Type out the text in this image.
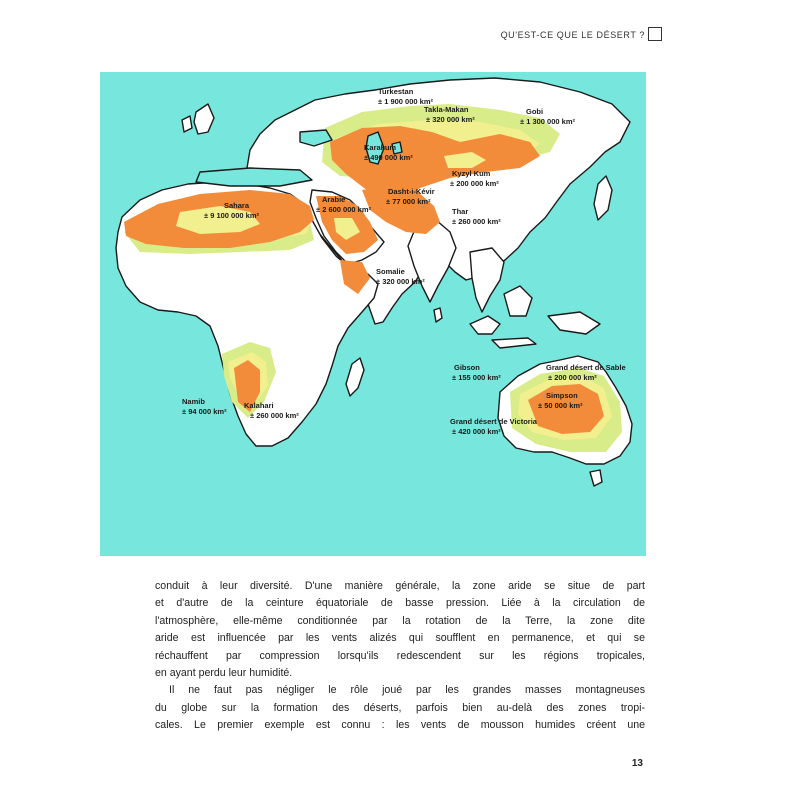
QU'EST-CE QUE LE DÉSERT ?
Turkestan
± 1 900 000 km²
Takla-Makan
± 320 000 km²
Gobi
± 1 300 000 km²
Karakum
± 490 000 km²
Kyzyl Kum
± 200 000 km²
Sahara
± 9 100 000 km²
Arabie
± 2 600 000 km²
Dasht-i-Kévir
± 77 000 km²
Thar
± 260 000 km²
Somalie
± 320 000 km²
Gibson
± 155 000 km²
Grand désert de Sable
± 200 000 km²
Simpson
± 50 000 km²
Grand désert de Victoria
± 420 000 km²
Namib
± 94 000 km²
Kalahari
± 260 000 km²
conduit à leur diversité. D'une manière générale, la zone aride se situe de part
et d'autre de la ceinture équatoriale de basse pression. Liée à la circulation de
l'atmosphère, elle-même conditionnée par la rotation de la Terre, la zone dite
aride est influencée par les vents alizés qui soufflent en permanence, et qui se
réchauffent par compression lorsqu'ils redescendent sur les régions tropicales,
en ayant perdu leur humidité.
Il ne faut pas négliger le rôle joué par les grandes masses montagneuses
du globe sur la formation des déserts, parfois bien au-delà des zones tropi-
cales. Le premier exemple est connu : les vents de mousson humides créent une
13
